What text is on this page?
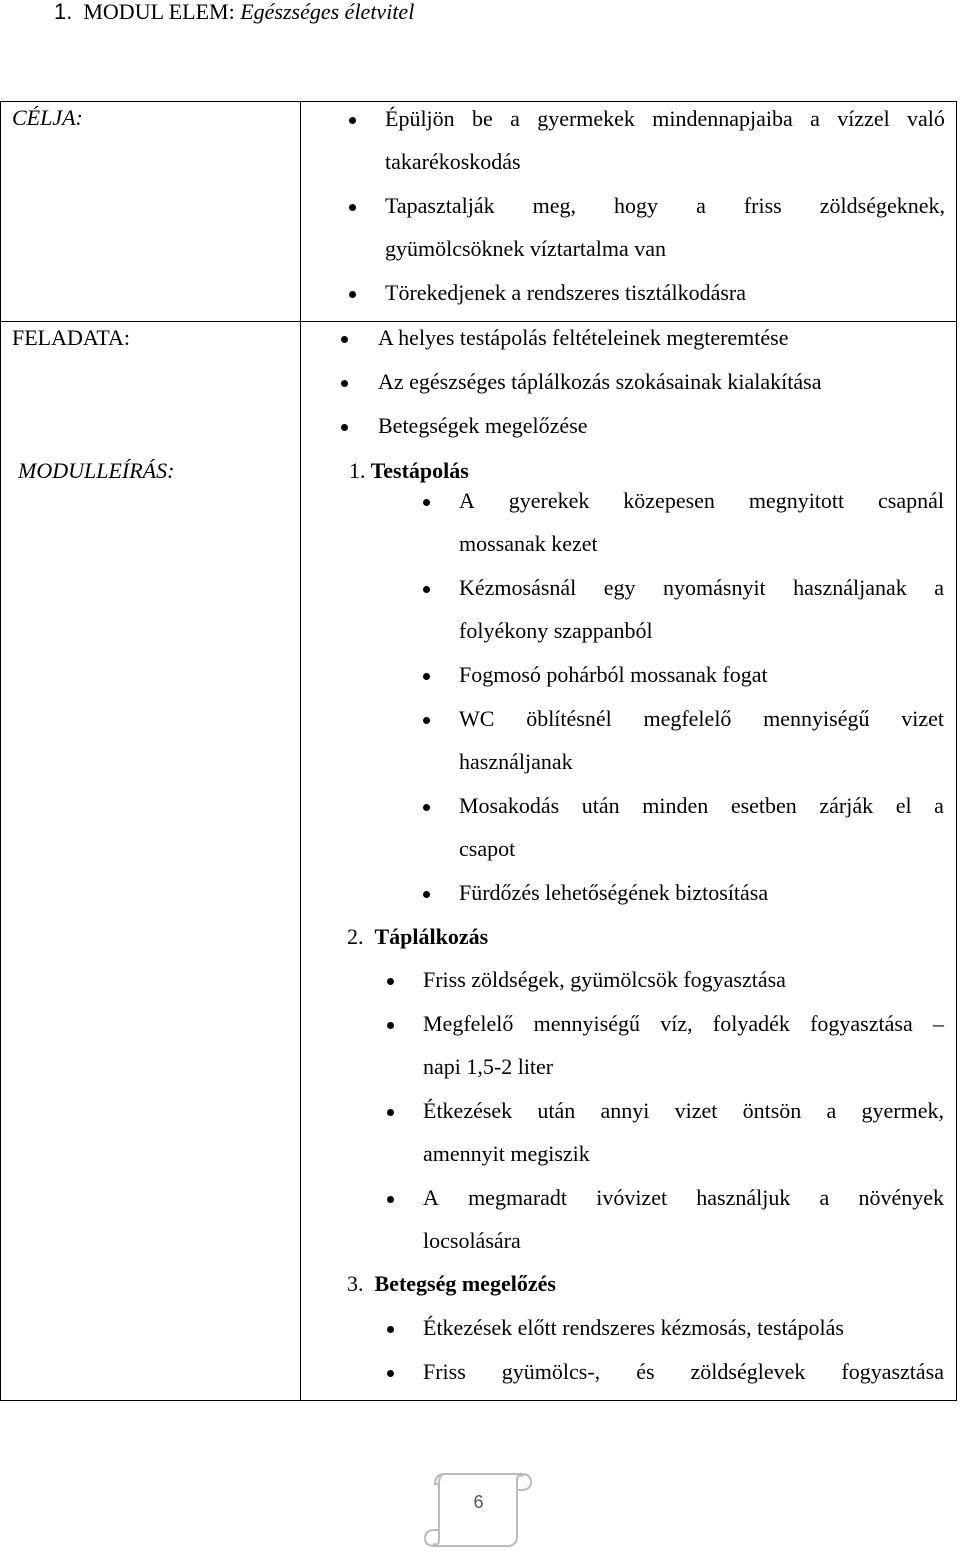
1. MODUL ELEM: Egészséges életvitel
CÉLJA:	Épüljön be a gyermekek mindennapjaiba a vízzel való
takarékoskodás
Tapasztalják meg, hogy a friss zöldségeknek,
gyümölcsöknek víztartalma van
Törekedjenek a rendszeres tisztálkodásra
FELADATA:	A helyes testápolás feltételeinek megteremtése
Az egészséges táplálkozás szokásainak kialakítása
Betegségek megelőzése
MODULLEÍRÁS:	1. Testápolás
A gyerekek közepesen megnyitott csapnál
mossanak kezet
Kézmosásnál egy nyomásnyit használjanak a
folyékony szappanból
Fogmosó pohárból mossanak fogat
WC öblítésnél megfelelő mennyiségű vizet
használjanak
Mosakodás után minden esetben zárják el a
csapot
Fürdőzés lehetőségének biztosítása
2. Táplálkozás
Friss zöldségek, gyümölcsök fogyasztása
Megfelelő mennyiségű víz, folyadék fogyasztása –
napi 1,5-2 liter
Étkezések után annyi vizet öntsön a gyermek,
amennyit megiszik
A megmaradt ivóvizet használjuk a növények
locsolására
3. Betegség megelőzés
Étkezések előtt rendszeres kézmosás, testápolás
Friss gyümölcs-, és zöldséglevek fogyasztása
6
